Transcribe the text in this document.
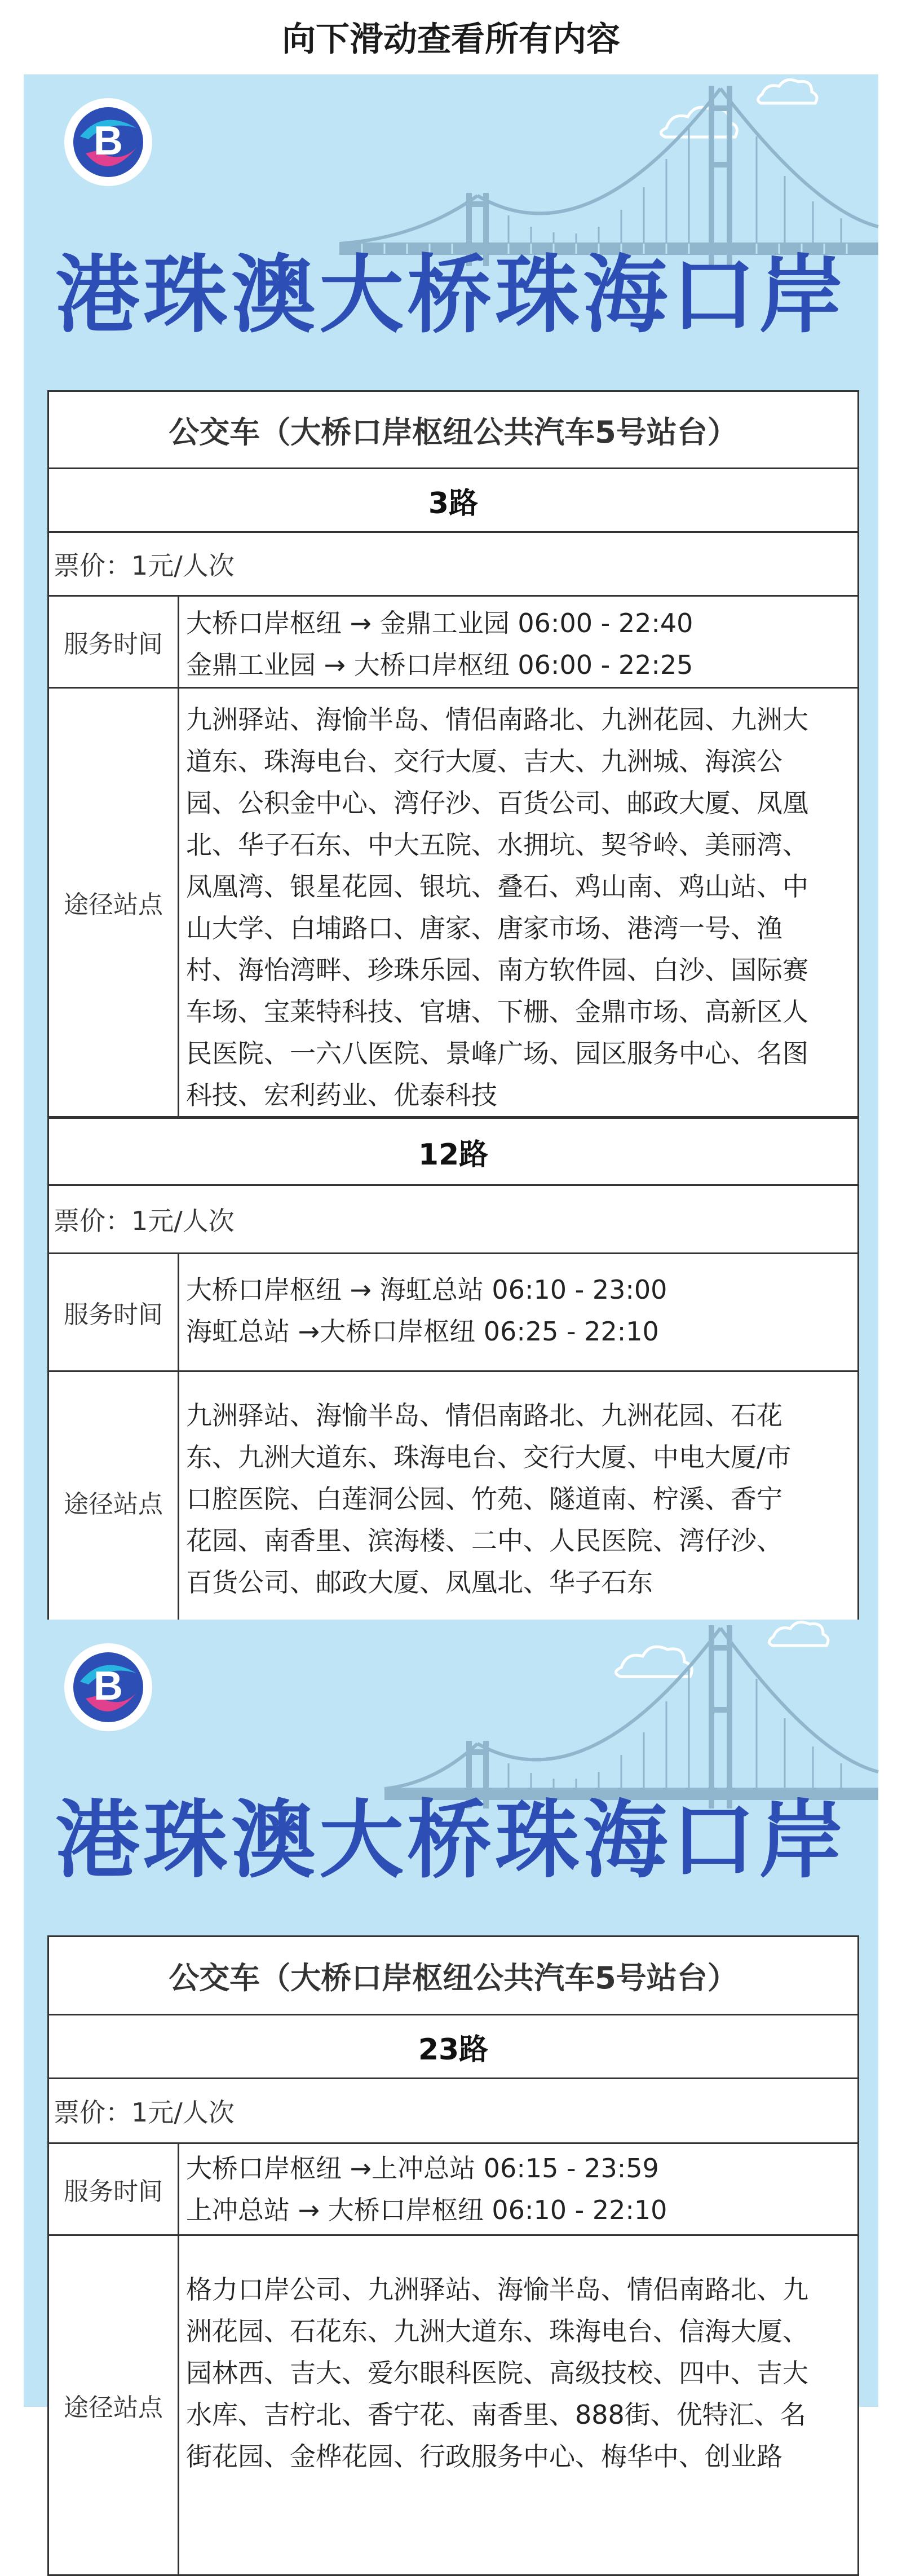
向下滑动查看所有内容
B
港珠澳大桥珠海口岸
公交车（大桥口岸枢纽公共汽车5号站台）
3路
票价：1元/人次
服务时间
大桥口岸枢纽 → 金鼎工业园 06:00 - 22:40
金鼎工业园 → 大桥口岸枢纽 06:00 - 22:25
途径站点
九洲驿站、海愉半岛、情侣南路北、九洲花园、九洲大
道东、珠海电台、交行大厦、吉大、九洲城、海滨公
园、公积金中心、湾仔沙、百货公司、邮政大厦、凤凰
北、华子石东、中大五院、水拥坑、契爷岭、美丽湾、
凤凰湾、银星花园、银坑、叠石、鸡山南、鸡山站、中
山大学、白埔路口、唐家、唐家市场、港湾一号、渔
村、海怡湾畔、珍珠乐园、南方软件园、白沙、国际赛
车场、宝莱特科技、官塘、下栅、金鼎市场、高新区人
民医院、一六八医院、景峰广场、园区服务中心、名图
科技、宏利药业、优泰科技
12路
票价：1元/人次
服务时间
大桥口岸枢纽 → 海虹总站 06:10 - 23:00
海虹总站 →大桥口岸枢纽 06:25 - 22:10
途径站点
九洲驿站、海愉半岛、情侣南路北、九洲花园、石花
东、九洲大道东、珠海电台、交行大厦、中电大厦/市
口腔医院、白莲洞公园、竹苑、隧道南、柠溪、香宁
花园、南香里、滨海楼、二中、人民医院、湾仔沙、
百货公司、邮政大厦、凤凰北、华子石东
B
港珠澳大桥珠海口岸
公交车（大桥口岸枢纽公共汽车5号站台）
23路
票价：1元/人次
服务时间
大桥口岸枢纽 →上冲总站 06:15 - 23:59
上冲总站 → 大桥口岸枢纽 06:10 - 22:10
途径站点
格力口岸公司、九洲驿站、海愉半岛、情侣南路北、九
洲花园、石花东、九洲大道东、珠海电台、信海大厦、
园林西、吉大、爱尔眼科医院、高级技校、四中、吉大
水库、吉柠北、香宁花、南香里、888街、优特汇、名
街花园、金桦花园、行政服务中心、梅华中、创业路
